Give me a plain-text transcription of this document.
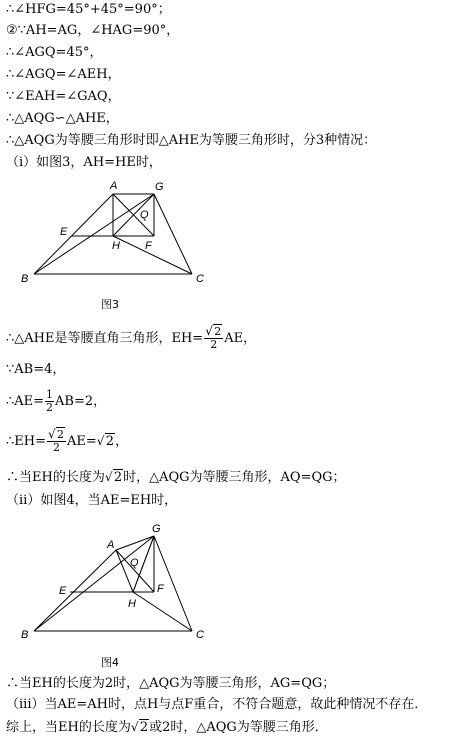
∴∠HFG=45°+45°=90°；
②∵AH=AG，∠HAG=90°，
∴∠AGQ=45°，
∴∠AGQ=∠AEH，
∵∠EAH=∠GAQ，
∴△AQG∽△AHE，
∴△AQG为等腰三角形时即△AHE为等腰三角形时，分3种情况：
（i）如图3，AH=HE时，
A	G
Q
E
H F
B	C
图3
∴△AHE是等腰直角三角形，EH=
√ $\frac{2}{2}$ AE，
∵AB=4，
∴AE= $\frac{1}{2} AB=2$，
∴EH=
√ $\frac{2}{2} AE=√$ 2，
∴当EH的长度为√ 2时，△AQG为等腰三角形，AQ=QG；
（ii）如图4，当AE=EH时，
A
G
Q
E
H
F
B	C
图4
∴当EH的长度为2时，△AQG为等腰三角形，AG=QG；
（iii）当AE=AH时，点H与点F重合，不符合题意，故此种情况不存在．
综上，当EH的长度为√ 2或2时，△AQG为等腰三角形．
